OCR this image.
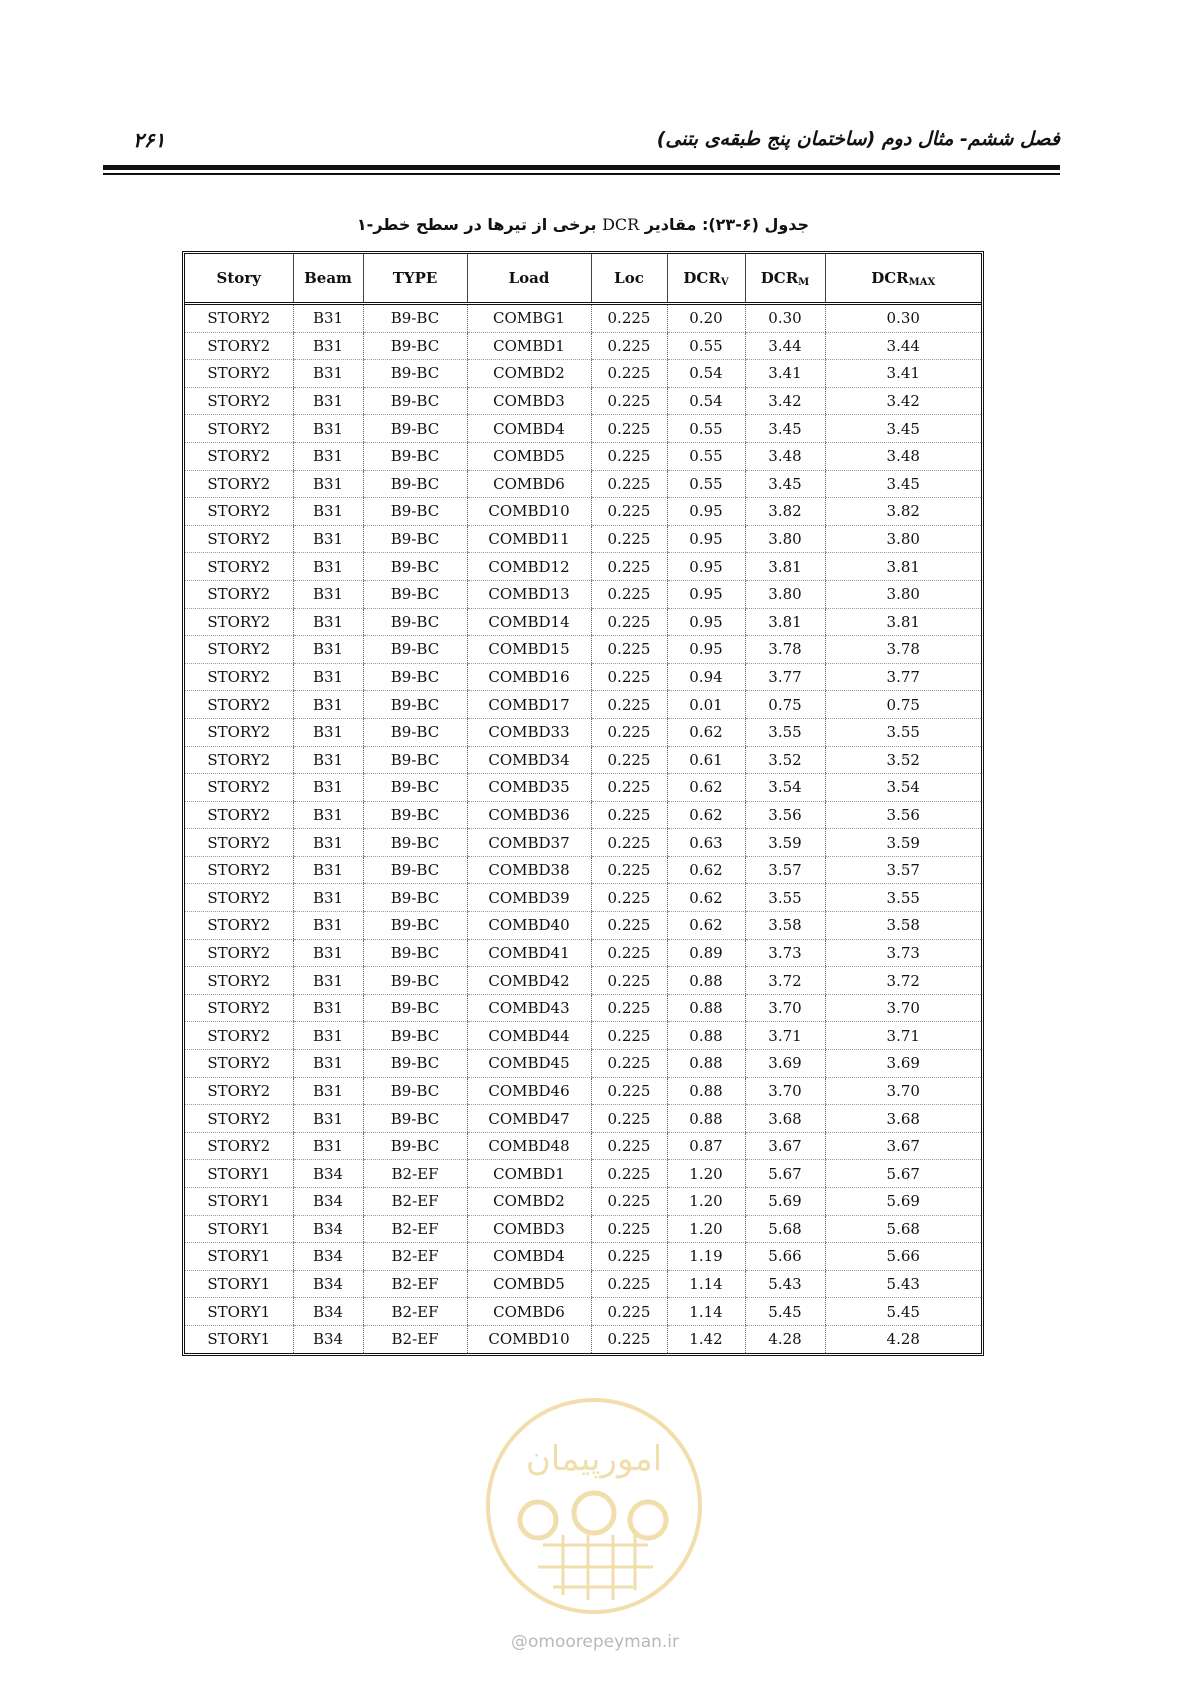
۲۶۱	فصل ششم- مثال دوم (ساختمان پنج طبقه‌ی بتنی)
جدول (۶-۲۳): مقادیر DCR برخی از تیرها در سطح خطر-۱
Story	Beam	TYPE	Load	Loc	$DCR_V$	$DCR_M$	$DCR_{MAX}$
STORY2	B31	B9-BC	COMBG1	0.225	0.20	0.30	0.30
STORY2	B31	B9-BC	COMBD1	0.225	0.55	3.44	3.44
STORY2	B31	B9-BC	COMBD2	0.225	0.54	3.41	3.41
STORY2	B31	B9-BC	COMBD3	0.225	0.54	3.42	3.42
STORY2	B31	B9-BC	COMBD4	0.225	0.55	3.45	3.45
STORY2	B31	B9-BC	COMBD5	0.225	0.55	3.48	3.48
STORY2	B31	B9-BC	COMBD6	0.225	0.55	3.45	3.45
STORY2	B31	B9-BC	COMBD10	0.225	0.95	3.82	3.82
STORY2	B31	B9-BC	COMBD11	0.225	0.95	3.80	3.80
STORY2	B31	B9-BC	COMBD12	0.225	0.95	3.81	3.81
STORY2	B31	B9-BC	COMBD13	0.225	0.95	3.80	3.80
STORY2	B31	B9-BC	COMBD14	0.225	0.95	3.81	3.81
STORY2	B31	B9-BC	COMBD15	0.225	0.95	3.78	3.78
STORY2	B31	B9-BC	COMBD16	0.225	0.94	3.77	3.77
STORY2	B31	B9-BC	COMBD17	0.225	0.01	0.75	0.75
STORY2	B31	B9-BC	COMBD33	0.225	0.62	3.55	3.55
STORY2	B31	B9-BC	COMBD34	0.225	0.61	3.52	3.52
STORY2	B31	B9-BC	COMBD35	0.225	0.62	3.54	3.54
STORY2	B31	B9-BC	COMBD36	0.225	0.62	3.56	3.56
STORY2	B31	B9-BC	COMBD37	0.225	0.63	3.59	3.59
STORY2	B31	B9-BC	COMBD38	0.225	0.62	3.57	3.57
STORY2	B31	B9-BC	COMBD39	0.225	0.62	3.55	3.55
STORY2	B31	B9-BC	COMBD40	0.225	0.62	3.58	3.58
STORY2	B31	B9-BC	COMBD41	0.225	0.89	3.73	3.73
STORY2	B31	B9-BC	COMBD42	0.225	0.88	3.72	3.72
STORY2	B31	B9-BC	COMBD43	0.225	0.88	3.70	3.70
STORY2	B31	B9-BC	COMBD44	0.225	0.88	3.71	3.71
STORY2	B31	B9-BC	COMBD45	0.225	0.88	3.69	3.69
STORY2	B31	B9-BC	COMBD46	0.225	0.88	3.70	3.70
STORY2	B31	B9-BC	COMBD47	0.225	0.88	3.68	3.68
STORY2	B31	B9-BC	COMBD48	0.225	0.87	3.67	3.67
STORY1	B34	B2-EF	COMBD1	0.225	1.20	5.67	5.67
STORY1	B34	B2-EF	COMBD2	0.225	1.20	5.69	5.69
STORY1	B34	B2-EF	COMBD3	0.225	1.20	5.68	5.68
STORY1	B34	B2-EF	COMBD4	0.225	1.19	5.66	5.66
STORY1	B34	B2-EF	COMBD5	0.225	1.14	5.43	5.43
STORY1	B34	B2-EF	COMBD6	0.225	1.14	5.45	5.45
STORY1	B34	B2-EF	COMBD10	0.225	1.42	4.28	4.28
امورپیمان
@omoorepeyman.ir
